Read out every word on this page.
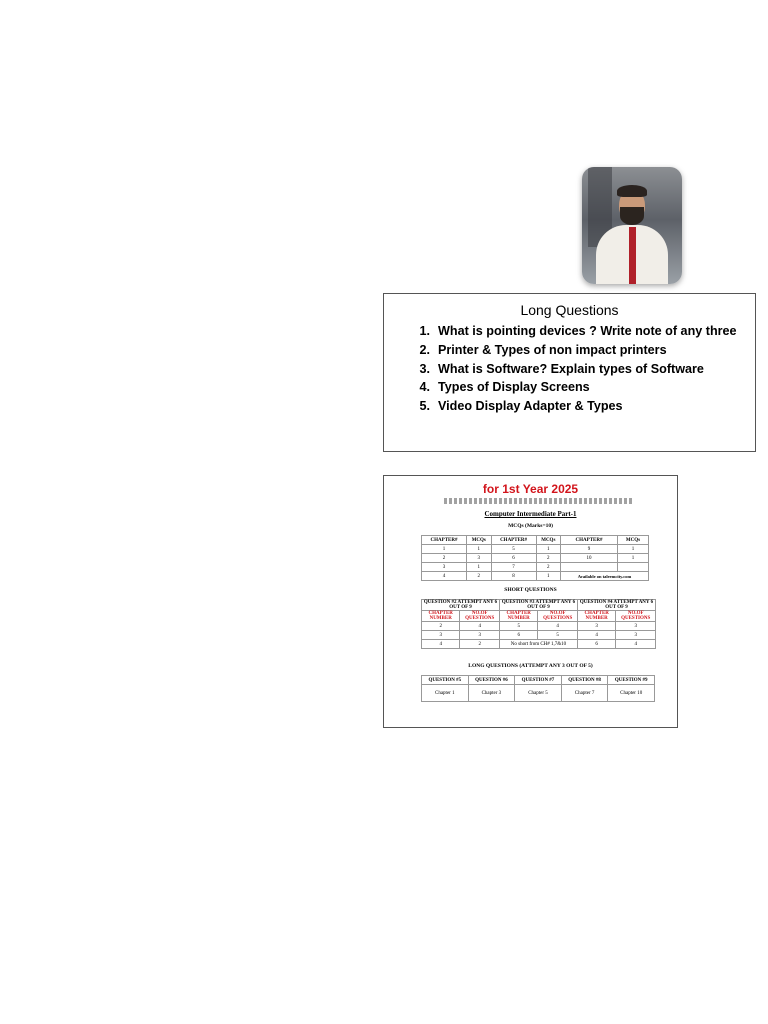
Long Questions
1. What is pointing devices ? Write note of any three
2. Printer & Types of non impact printers
3. What is Software? Explain types of Software
4. Types of Display Screens
5. Video Display Adapter & Types
for 1st Year 2025
Computer Intermediate Part-1
MCQs (Marks=10)
CHAPTER#	MCQs	CHAPTER#	MCQs	CHAPTER#	MCQs
1	1	5	1	9	1
2	3	6	2	10	1
3	1	7	2		
4	2	8	1	Available on taleemcity.com	
SHORT QUESTIONS
QUESTION #2 ATTEMPT ANY 6 OUT OF 9		QUESTION #3 ATTEMPT ANY 6 OUT OF 9		QUESTION #4 ATTEMPT ANY 6 OUT OF 9	
CHAPTER NUMBER	NO.OF QUESTIONS	CHAPTER NUMBER	NO.OF QUESTIONS	CHAPTER NUMBER	NO.OF QUESTIONS
2	4	5	4	3	3
3	3	6	5	4	3
4	2	No short from CH# 1,7&10		6	4
LONG QUESTIONS (ATTEMPT ANY 3 OUT OF 5)
QUESTION #5	QUESTION #6	QUESTION #7	QUESTION #8	QUESTION #9
Chapter 1	Chapter 3	Chapter 5	Chapter 7	Chapter 10
